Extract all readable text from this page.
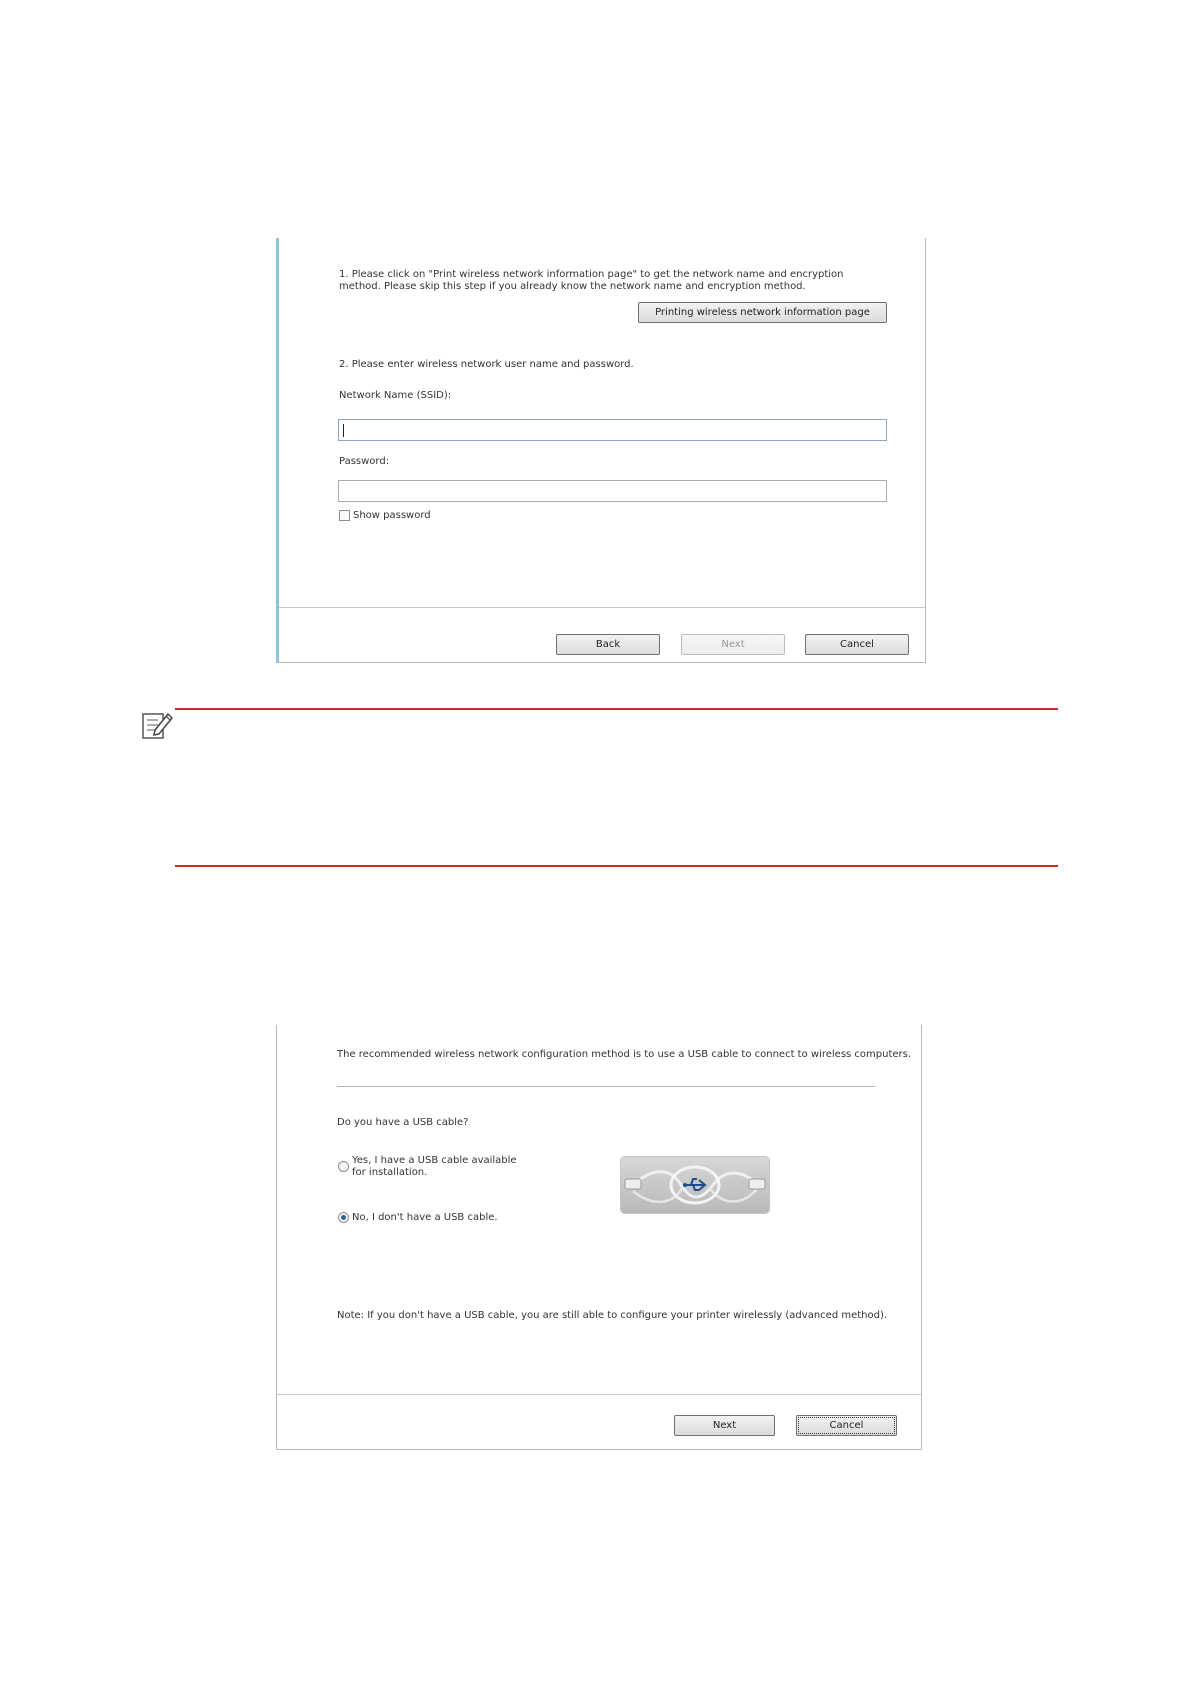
1. Please click on "Print wireless network information page" to get the network name and encryption method. Please skip this step if you already know the network name and encryption method.
Printing wireless network information page
2. Please enter wireless network user name and password.
Network Name (SSID):
Password:
Show password
Back	Next	Cancel
The recommended wireless network configuration method is to use a USB cable to connect to wireless computers.
Do you have a USB cable?
Yes, I have a USB cable available for installation.
No, I don't have a USB cable.
Note: If you don't have a USB cable, you are still able to configure your printer wirelessly (advanced method).
Next	Cancel
